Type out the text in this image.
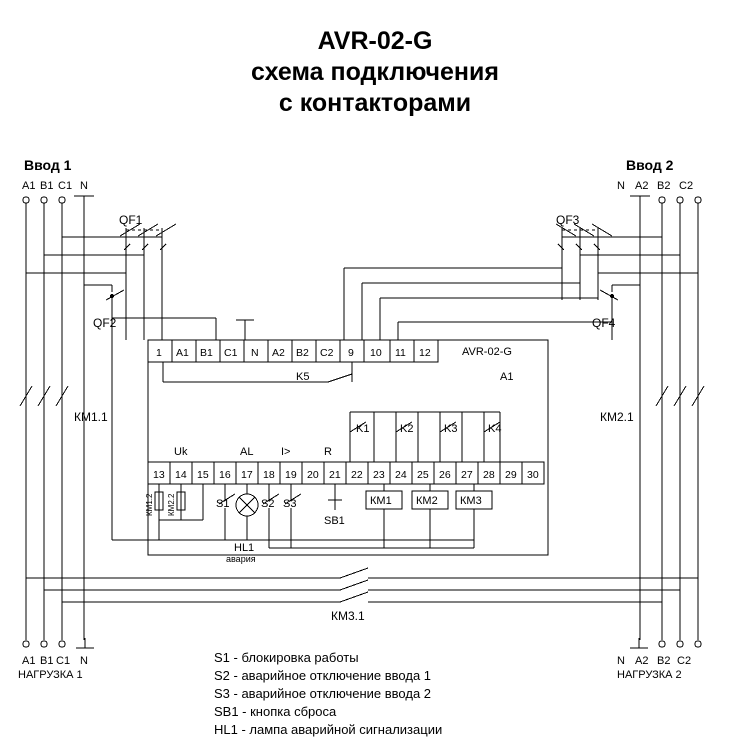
AVR-02-G
схема подключения
с контакторами
Ввод 1
A1 B1 C1 N
Ввод 2
N A2 B2 C2
QF1
QF2
QF3
QF4
КМ1.1	КМ2.1
КМ3.1
K5
AVR-02-G
A1
1 A1 B1 C1 N A2 B2 C2 9 10 11 12
13 14 15 16 17 18 19 20 21 22 23 24 25 26 27 28 29 30
K1	K2	K3	K4
Uk	AL	I>	R
S1	S2 S3
SB1
HL1
авария
КМ1 КМ2 КМ3
КМ1.2 КМ2.2
A1 B1 C1 N
НАГРУЗКА 1
N A2 B2 C2
НАГРУЗКА 2
S1 - блокировка работы
S2 - аварийное отключение ввода 1
S3 - аварийное отключение ввода 2
SB1 - кнопка сброса
HL1 - лампа аварийной сигнализации
